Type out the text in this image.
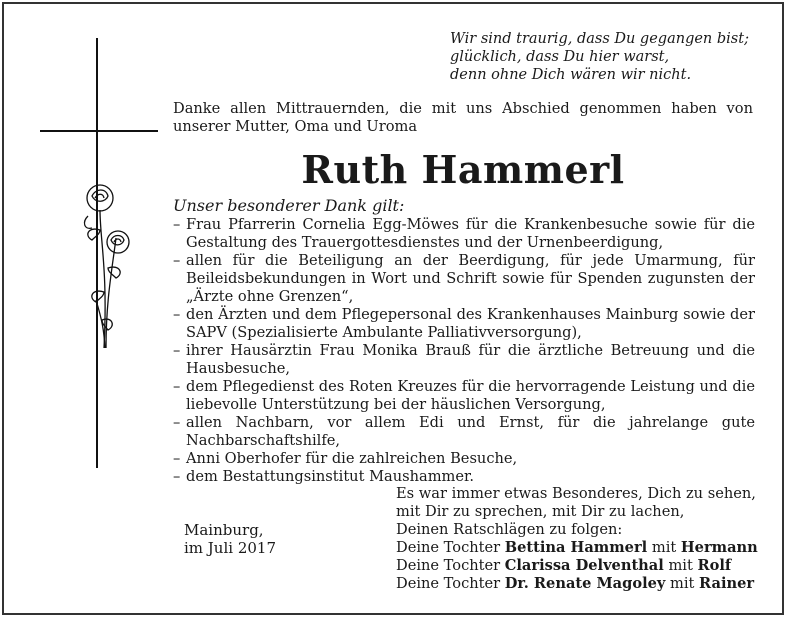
Wir sind traurig, dass Du gegangen bist;
glücklich, dass Du hier warst,
denn ohne Dich wären wir nicht.
Danke allen Mittrauernden, die mit uns Abschied genommen haben von unserer Mutter, Oma und Uroma
Ruth Hammerl
Unser besonderer Dank gilt:
– Frau Pfarrerin Cornelia Egg-Möwes für die Krankenbesuche sowie für die Gestaltung des Trauergottesdienstes und der Urnenbeerdigung,
– allen für die Beteiligung an der Beerdigung, für jede Umarmung, für Beileidsbekundungen in Wort und Schrift sowie für Spenden zugunsten der „Ärzte ohne Grenzen“,
– den Ärzten und dem Pflegepersonal des Krankenhauses Mainburg sowie der SAPV (Spezialisierte Ambulante Palliativversorgung),
– ihrer Hausärztin Frau Monika Brauß für die ärztliche Betreuung und die Hausbesuche,
– dem Pflegedienst des Roten Kreuzes für die hervorragende Leistung und die liebevolle Unterstützung bei der häuslichen Versorgung,
– allen Nachbarn, vor allem Edi und Ernst, für die jahrelange gute Nachbarschaftshilfe,
– Anni Oberhofer für die zahlreichen Besuche,
– dem Bestattungsinstitut Maushammer.
Mainburg,
im Juli 2017
Es war immer etwas Besonderes, Dich zu sehen,
mit Dir zu sprechen, mit Dir zu lachen,
Deinen Ratschlägen zu folgen:
Deine Tochter Bettina Hammerl mit Hermann
Deine Tochter Clarissa Delventhal mit Rolf
Deine Tochter Dr. Renate Magoley mit Rainer
